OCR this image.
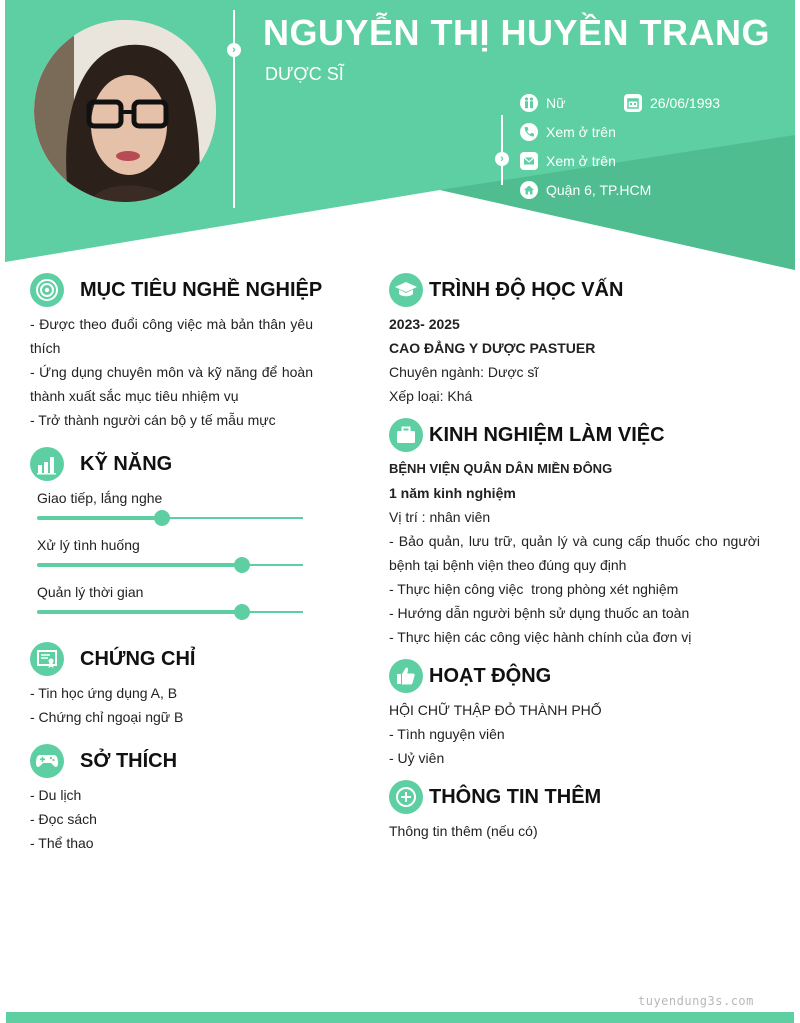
›
›
NGUYỄN THỊ HUYỀN TRANG
DƯỢC SĨ
Nữ	26/06/1993
Xem ở trên
Xem ở trên
Quận 6, TP.HCM
MỤC TIÊU NGHỀ NGHIỆP
- Được theo đuổi công việc mà bản thân yêu thích
- Ứng dụng chuyên môn và kỹ năng để hoàn thành xuất sắc mục tiêu nhiệm vụ
- Trở thành người cán bộ y tế mẫu mực
KỸ NĂNG
Giao tiếp, lắng nghe
Xử lý tình huống
Quản lý thời gian
CHỨNG CHỈ
- Tin học ứng dụng A, B
- Chứng chỉ ngoại ngữ B
SỞ THÍCH
- Du lịch
- Đọc sách
- Thể thao
TRÌNH ĐỘ HỌC VẤN
2023- 2025
CAO ĐẲNG Y DƯỢC PASTUER
Chuyên ngành: Dược sĩ
Xếp loại: Khá
KINH NGHIỆM LÀM VIỆC
BỆNH VIỆN QUÂN DÂN MIỀN ĐÔNG
1 năm kinh nghiệm
Vị trí : nhân viên
- Bảo quản, lưu trữ, quản lý và cung cấp thuốc cho người bệnh tại bệnh viện theo đúng quy định
- Thực hiện công việc  trong phòng xét nghiệm
- Hướng dẫn người bệnh sử dụng thuốc an toàn
- Thực hiện các công việc hành chính của đơn vị
HOẠT ĐỘNG
HỘI CHỮ THẬP ĐỎ THÀNH PHỐ
- Tình nguyện viên
- Uỷ viên
THÔNG TIN THÊM
Thông tin thêm (nếu có)
tuyendung3s.com
